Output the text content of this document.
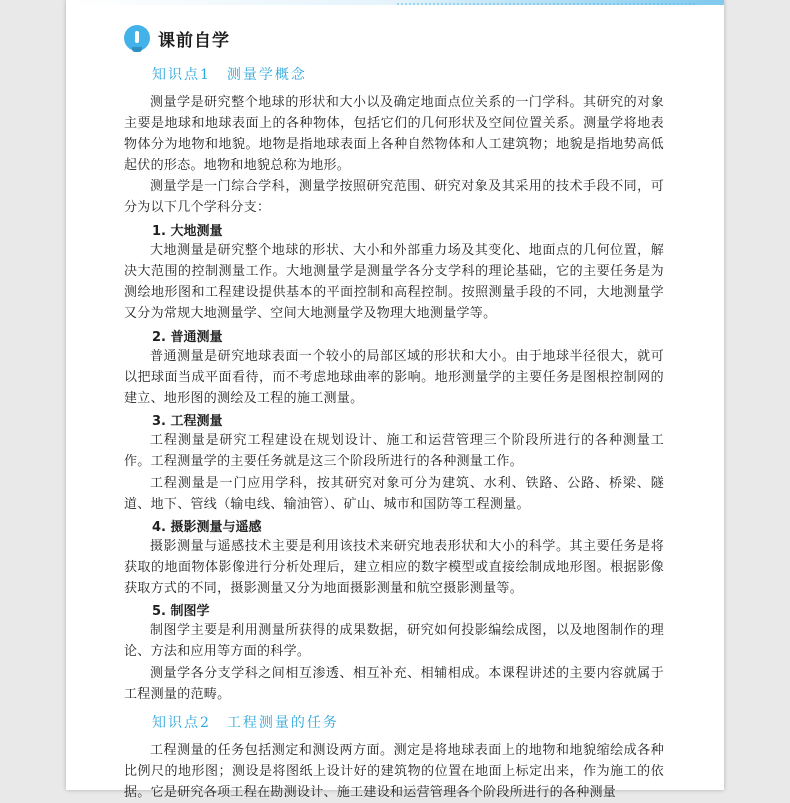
课前自学
知识点1　测量学概念
测量学是研究整个地球的形状和大小以及确定地面点位关系的一门学科。其研究的对象主要是地球和地球表面上的各种物体，包括它们的几何形状及空间位置关系。测量学将地表物体分为地物和地貌。地物是指地球表面上各种自然物体和人工建筑物；地貌是指地势高低起伏的形态。地物和地貌总称为地形。
测量学是一门综合学科，测量学按照研究范围、研究对象及其采用的技术手段不同，可分为以下几个学科分支：
1. 大地测量
大地测量是研究整个地球的形状、大小和外部重力场及其变化、地面点的几何位置，解决大范围的控制测量工作。大地测量学是测量学各分支学科的理论基础，它的主要任务是为测绘地形图和工程建设提供基本的平面控制和高程控制。按照测量手段的不同，大地测量学又分为常规大地测量学、空间大地测量学及物理大地测量学等。
2. 普通测量
普通测量是研究地球表面一个较小的局部区域的形状和大小。由于地球半径很大，就可以把球面当成平面看待，而不考虑地球曲率的影响。地形测量学的主要任务是图根控制网的建立、地形图的测绘及工程的施工测量。
3. 工程测量
工程测量是研究工程建设在规划设计、施工和运营管理三个阶段所进行的各种测量工作。工程测量学的主要任务就是这三个阶段所进行的各种测量工作。
工程测量是一门应用学科，按其研究对象可分为建筑、水利、铁路、公路、桥梁、隧道、地下、管线（输电线、输油管）、矿山、城市和国防等工程测量。
4. 摄影测量与遥感
摄影测量与遥感技术主要是利用该技术来研究地表形状和大小的科学。其主要任务是将获取的地面物体影像进行分析处理后，建立相应的数字模型或直接绘制成地形图。根据影像获取方式的不同，摄影测量又分为地面摄影测量和航空摄影测量等。
5. 制图学
制图学主要是利用测量所获得的成果数据，研究如何投影编绘成图，以及地图制作的理论、方法和应用等方面的科学。
测量学各分支学科之间相互渗透、相互补充、相辅相成。本课程讲述的主要内容就属于工程测量的范畴。
知识点2　工程测量的任务
工程测量的任务包括测定和测设两方面。测定是将地球表面上的地物和地貌缩绘成各种比例尺的地形图；测设是将图纸上设计好的建筑物的位置在地面上标定出来，作为施工的依据。它是研究各项工程在勘测设计、施工建设和运营管理各个阶段所进行的各种测量
